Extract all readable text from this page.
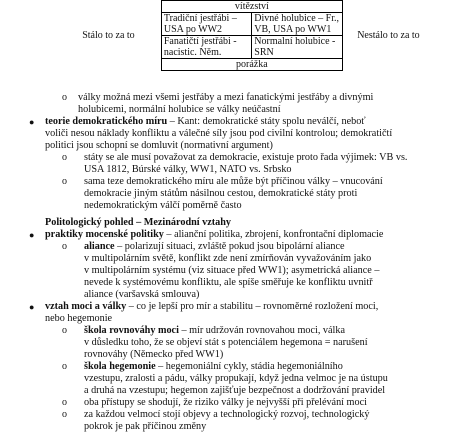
	vítězství		
Stálo to za to	Tradiční jestřábi – USA po WW2	Divné holubice – Fr., VB, USA po WW1	Nestálo to za to
	Fanatičtí jestřábi - nacistic. Něm.	Normalní holubice - SRN	
	porážka		
o války možná mezi všemi jestřáby a mezi fanatickými jestřáby a divnými
holubicemi, normální holubice se války neúčastní
● teorie demokratického míru – Kant: demokratické státy spolu neválčí, neboť
voliči nesou náklady konfliktu a válečné síly jsou pod civilní kontrolou; demokratičtí
politici jsou schopní se domluvit (normativní argument)
o státy se ale musí považovat za demokracie, existuje proto řada výjimek: VB vs.
USA 1812, Búrské války, WW1, NATO vs. Srbsko
o sama teze demokratického míru ale může být příčinou války – vnucování
demokracie jiným státům násilnou cestou, demokratické státy proti
nedemokratickým válčí poměrně často
Politologický pohled – Mezinárodní vztahy
● praktiky mocenské politiky – alianční politika, zbrojení, konfrontační diplomacie
o aliance – polarizují situaci, zvláště pokud jsou bipolární aliance
v multipolárním světě, konflikt zde není zmírňován vyvažováním jako
v multipolárním systému (viz situace před WW1); asymetrická aliance –
nevede k systémovému konfliktu, ale spíše směřuje ke konfliktu uvnitř
aliance (varšavská smlouva)
● vztah moci a války – co je lepší pro mír a stabilitu – rovnoměrné rozložení moci,
nebo hegemonie
o škola rovnováhy moci – mír udržován rovnovahou moci, válka
v důsledku toho, že se objeví stát s potenciálem hegemona = narušení
rovnováhy (Německo před WW1)
o škola hegemonie – hegemoniální cykly, stádia hegemoniálního
vzestupu, zralosti a pádu, války propukají, když jedna velmoc je na ústupu
a druhá na vzestupu; hegemon zajišťuje bezpečnost a dodržování pravidel
o oba přístupy se shodují, že riziko války je nejvyšší při přelévání moci
o za každou velmocí stojí objevy a technologický rozvoj, technologický
pokrok je pak příčinou změny
